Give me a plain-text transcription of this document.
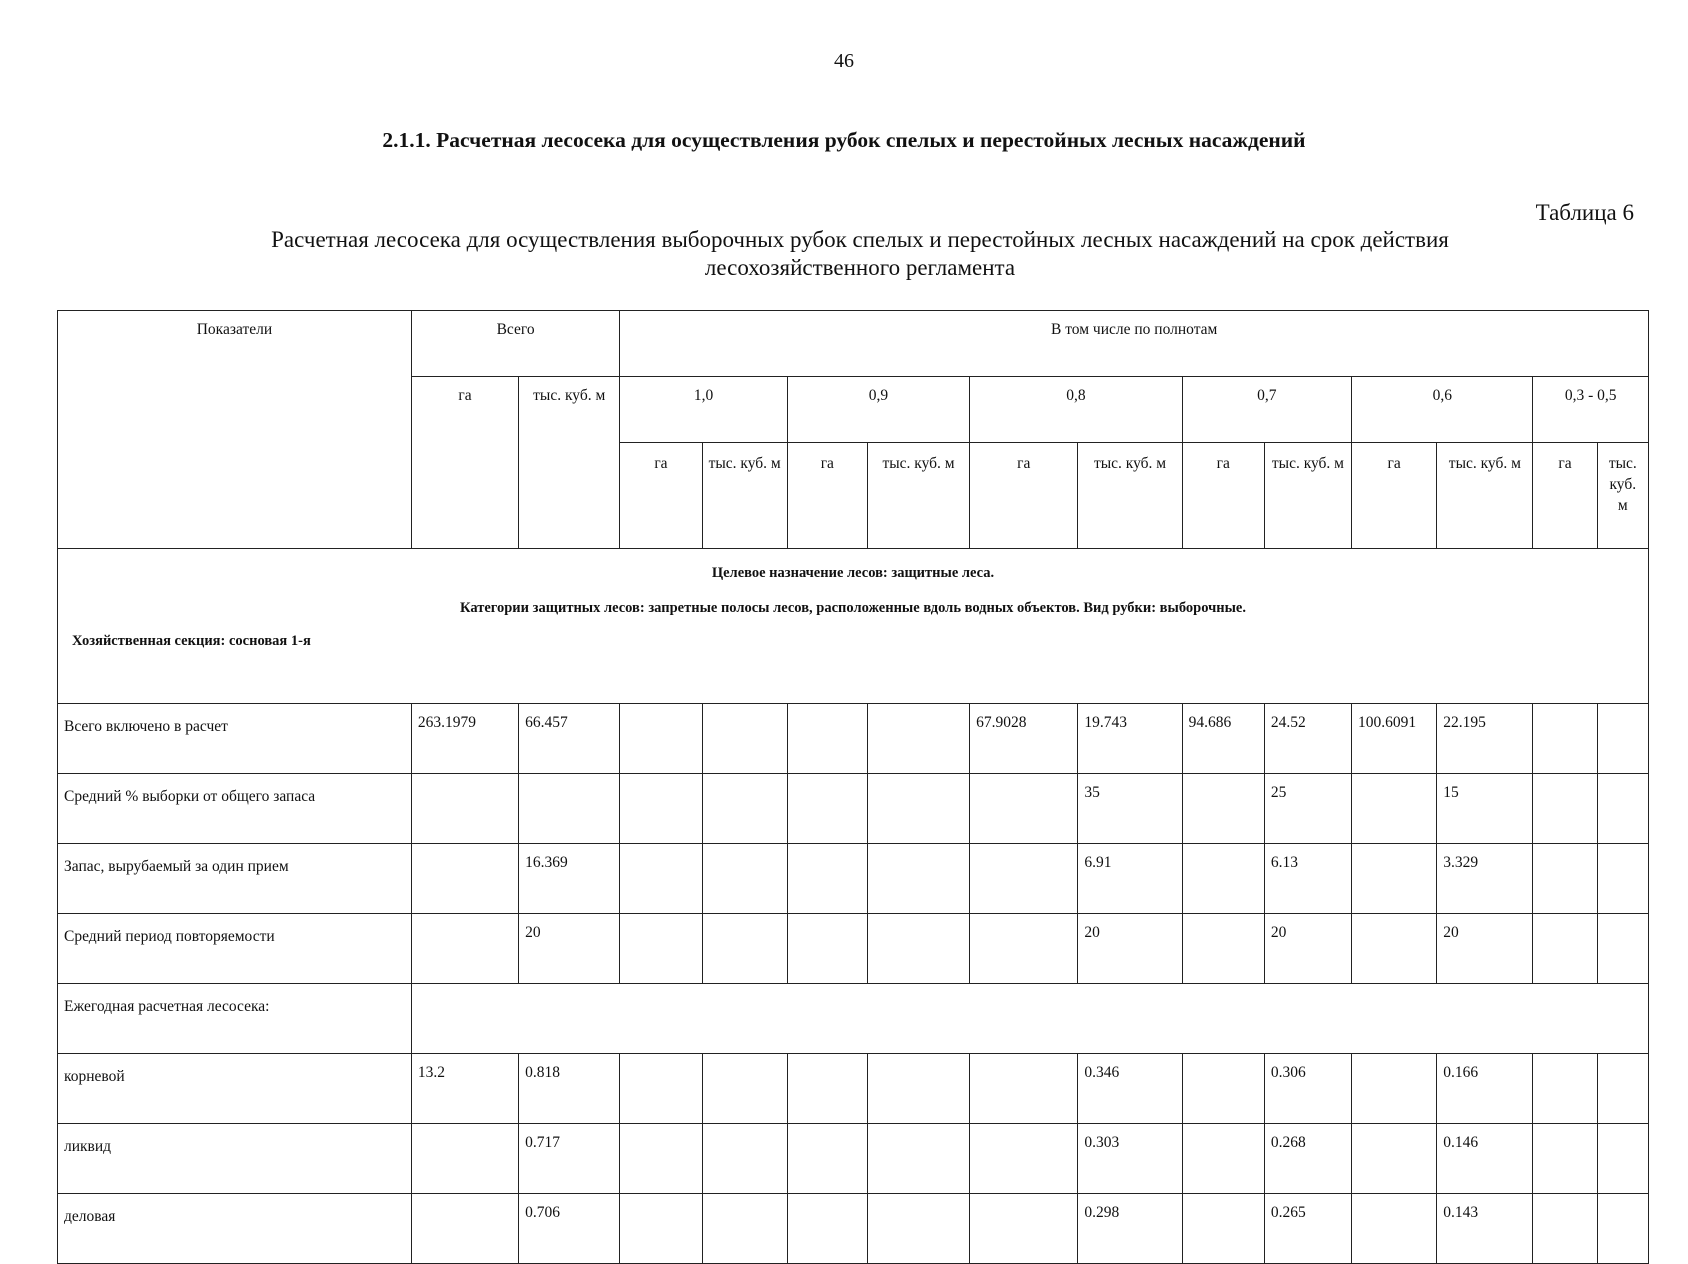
46
2.1.1. Расчетная лесосека для осуществления рубок спелых и перестойных лесных насаждений
Таблица 6
Расчетная лесосека для осуществления выборочных рубок спелых и перестойных лесных насаждений на срок действия лесохозяйственного регламента
Показатели	Всего		В том числе по полнотам											
	га	тыс. куб. м	1,0		0,9		0,8		0,7		0,6		0,3 - 0,5	
			га	тыс. куб. м	га	тыс. куб. м	га	тыс. куб. м	га	тыс. куб. м	га	тыс. куб. м	га	тыс. куб. м

Целевое назначение лесов: защитные леса.
Категории защитных лесов: запретные полосы лесов, расположенные вдоль водных объектов. Вид рубки: выборочные.
Хозяйственная секция: сосновая 1-я														

Всего включено в расчет	263.1979	66.457					67.9028	19.743	94.686	24.52	100.6091	22.195		
Средний % выборки от общего запаса								35		25		15		
Запас, вырубаемый за один прием		16.369						6.91		6.13		3.329		
Средний период повторяемости		20						20		20		20		
Ежегодная расчетная лесосека:														
корневой	13.2	0.818						0.346		0.306		0.166		
ликвид		0.717						0.303		0.268		0.146		
деловая		0.706						0.298		0.265		0.143		
